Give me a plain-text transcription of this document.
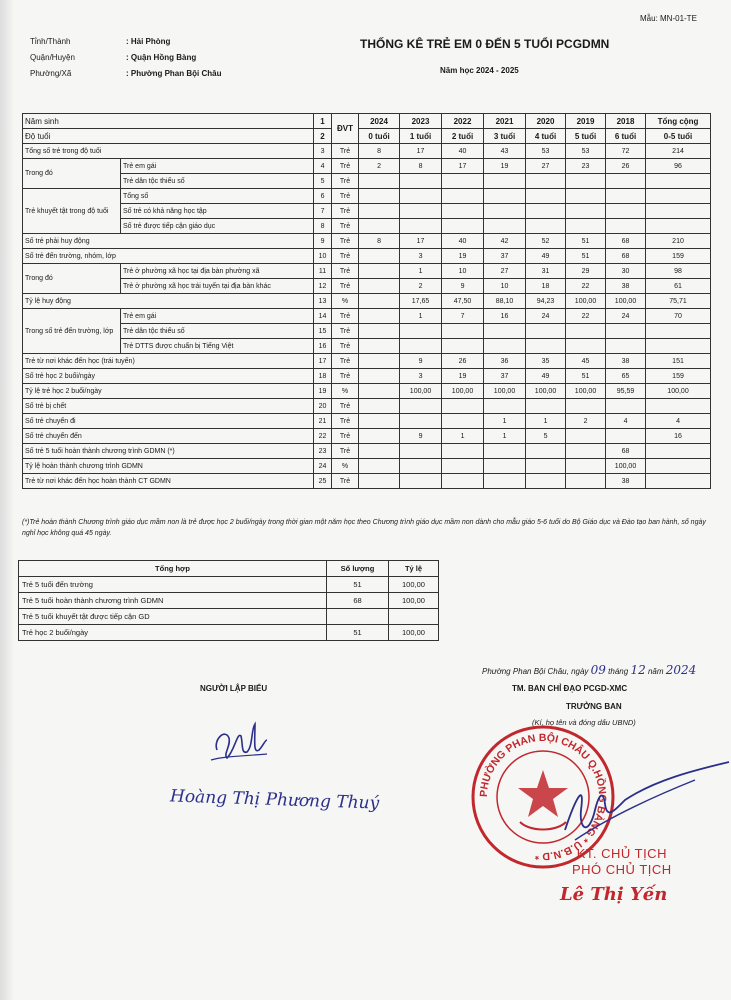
Mẫu: MN-01-TE
Tỉnh/Thành	: Hải Phòng
Quận/Huyện	: Quận Hồng Bàng
Phường/Xã	: Phường Phan Bội Châu
THỐNG KÊ TRẺ EM 0 ĐẾN 5 TUỔI PCGDMN
Năm học 2024 - 2025
Năm sinh		1	ĐVT	2024	2023	2022	2021	2020	2019	2018	Tổng cộng
Độ tuổi		2		0 tuổi	1 tuổi	2 tuổi	3 tuổi	4 tuổi	5 tuổi	6 tuổi	0-5 tuổi
Tổng số trẻ trong độ tuổi		3	Trẻ	8	17	40	43	53	53	72	214
Trong đó	Trẻ em gái	4	Trẻ	2	8	17	19	27	23	26	96
	Trẻ dân tộc thiểu số	5	Trẻ								
Trẻ khuyết tật trong độ tuổi	Tổng số	6	Trẻ								
	Số trẻ có khả năng học tập	7	Trẻ								
	Số trẻ được tiếp cận giáo dục	8	Trẻ								
Số trẻ phải huy động		9	Trẻ	8	17	40	42	52	51	68	210
Số trẻ đến trường, nhóm, lớp		10	Trẻ		3	19	37	49	51	68	159
Trong đó	Trẻ ở phường xã học tại địa bàn phường xã	11	Trẻ		1	10	27	31	29	30	98
	Trẻ ở phường xã học trái tuyến tại địa bàn khác	12	Trẻ		2	9	10	18	22	38	61
Tỷ lệ huy động		13	%		17,65	47,50	88,10	94,23	100,00	100,00	75,71
Trong số trẻ đến trường, lớp	Trẻ em gái	14	Trẻ		1	7	16	24	22	24	70
	Trẻ dân tộc thiểu số	15	Trẻ								
	Trẻ DTTS được chuẩn bị Tiếng Việt	16	Trẻ								
Trẻ từ nơi khác đến học (trái tuyến)		17	Trẻ		9	26	36	35	45	38	151
Số trẻ học 2 buổi/ngày		18	Trẻ		3	19	37	49	51	65	159
Tỷ lệ trẻ học 2 buổi/ngày		19	%		100,00	100,00	100,00	100,00	100,00	95,59	100,00
Số trẻ bị chết		20	Trẻ								
Số trẻ chuyển đi		21	Trẻ				1	1	2	4	4
Số trẻ chuyển đến		22	Trẻ		9	1	1	5			16
Số trẻ 5 tuổi hoàn thành chương trình GDMN (*)		23	Trẻ							68	
Tỷ lệ hoàn thành chương trình GDMN		24	%							100,00	
Trẻ từ nơi khác đến học hoàn thành CT GDMN		25	Trẻ							38	
(*)Trẻ hoàn thành Chương trình giáo dục mầm non là trẻ được học 2 buổi/ngày trong thời gian một năm học theo Chương trình giáo dục mầm non dành cho mẫu giáo 5-6 tuổi do Bộ Giáo dục và Đào tạo ban hành, số ngày nghỉ học không quá 45 ngày.
Tổng hợp	Số lượng	Tỷ lệ
Trẻ 5 tuổi đến trường	51	100,00
Trẻ 5 tuổi hoàn thành chương trình GDMN	68	100,00
Trẻ 5 tuổi khuyết tật được tiếp cận GD		
Trẻ học 2 buổi/ngày	51	100,00
Phường Phan Bội Châu, ngày 09 tháng 12 năm 2024
NGƯỜI LẬP BIỂU	TM. BAN CHỈ ĐẠO PCGD-XMC
TRƯỞNG BAN
(Kí, họ tên và đóng dấu UBND)
Hoàng Thị Phương Thuý	PHƯỜNG PHAN BỘI CHÂU Q.HỒNG BÀNG * U.B.N.D *	KT. CHỦ TỊCH
PHÓ CHỦ TỊCH
Lê Thị Yến
